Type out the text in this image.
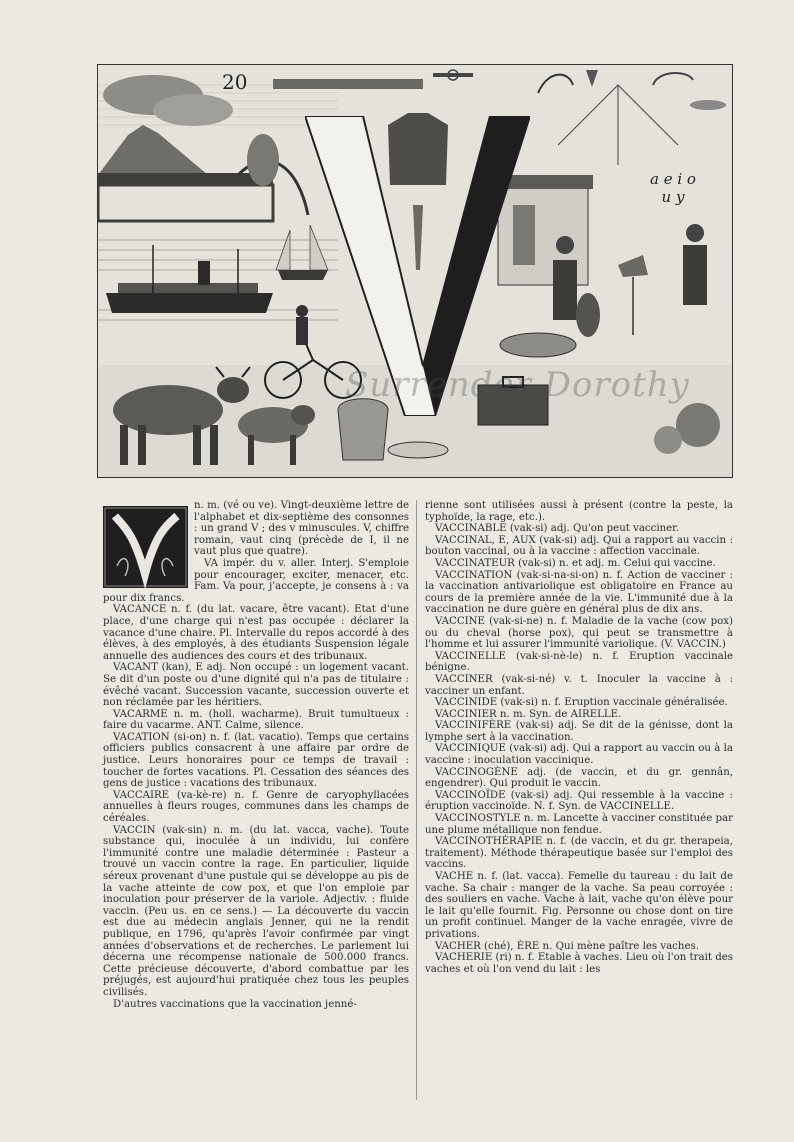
20
a e i o
u y
Surrender Dorothy

n. m. (vé ou ve). Vingt-deuxième lettre de l'alphabet et dix-septième des consonnes : un grand V ; des v minuscules. V, chiffre romain, vaut cinq (précède de I, il ne vaut plus que quatre).

VA impér. du v. aller. Interj. S'emploie pour encourager, exciter, menacer, etc. Fam. Va pour, j'accepte, je consens à : va pour dix francs.

VACANCE n. f. (du lat. vacare, être vacant). Etat d'une place, d'une charge qui n'est pas occupée : déclarer la vacance d'une chaire. Pl. Intervalle du repos accordé à des élèves, à des employés, à des étudiants Suspension légale annuelle des audiences des cours et des tribunaux.

VACANT (kan), E adj. Non occupé : un logement vacant. Se dit d'un poste ou d'une dignité qui n'a pas de titulaire : évêché vacant. Succession vacante, succession ouverte et non réclamée par les héritiers.

VACARME n. m. (holl. wacharme). Bruit tumultueux : faire du vacarme. ANT. Calme, silence.

VACATION (si-on) n. f. (lat. vacatio). Temps que certains officiers publics consacrent à une affaire par ordre de justice. Leurs honoraires pour ce temps de travail : toucher de fortes vacations. Pl. Cessation des séances des gens de justice : vacations des tribunaux.

VACCAIRE (va-kè-re) n. f. Genre de caryophyllacées annuelles à fleurs rouges, communes dans les champs de céréales.

VACCIN (vak-sin) n. m. (du lat. vacca, vache). Toute substance qui, inoculée à un individu, lui confère l'immunité contre une maladie déterminée : Pasteur a trouvé un vaccin contre la rage. En particulier, liquide séreux provenant d'une pustule qui se développe au pis de la vache atteinte de cow pox, et que l'on emploie par inoculation pour préserver de la variole. Adjectiv. : fluide vaccin. (Peu us. en ce sens.) — La découverte du vaccin est due au médecin anglais Jenner, qui ne la rendit publique, en 1796, qu'après l'avoir confirmée par vingt années d'observations et de recherches. Le parlement lui décerna une récompense nationale de 500.000 francs. Cette précieuse découverte, d'abord combattue par les préjugés, est aujourd'hui pratiquée chez tous les peuples civilisés.

D'autres vaccinations que la vaccination jenné-

rienne sont utilisées aussi à présent (contre la peste, la typhoïde, la rage, etc.).

VACCINABLE (vak-si) adj. Qu'on peut vacciner.

VACCINAL, E, AUX (vak-si) adj. Qui a rapport au vaccin : bouton vaccinal, ou à la vaccine : affection vaccinale.

VACCINATEUR (vak-si) n. et adj. m. Celui qui vaccine.

VACCINATION (vak-si-na-si-on) n. f. Action de vacciner : la vaccination antivariolique est obligatoire en France au cours de la première année de la vie. L'immunité due à la vaccination ne dure guère en général plus de dix ans.

VACCINE (vak-si-ne) n. f. Maladie de la vache (cow pox) ou du cheval (horse pox), qui peut se transmettre à l'homme et lui assurer l'immunité variolique. (V. VACCIN.)

VACCINELLE (vak-si-nè-le) n. f. Eruption vaccinale bénigne.

VACCINER (vak-si-né) v. t. Inoculer la vaccine à : vacciner un enfant.

VACCINIDE (vak-si) n. f. Eruption vaccinale généralisée.

VACCINIER n. m. Syn. de AIRELLE.

VACCINIFÈRE (vak-si) adj. Se dit de la génisse, dont la lymphe sert à la vaccination.

VACCINIQUE (vak-si) adj. Qui a rapport au vaccin ou à la vaccine : inoculation vaccinique.

VACCINOGÈNE adj. (de vaccin, et du gr. gennân, engendrer). Qui produit le vaccin.

VACCINOÏDE (vak-si) adj. Qui ressemble à la vaccine : éruption vaccinoïde. N. f. Syn. de VACCINELLE.

VACCINOSTYLE n. m. Lancette à vacciner constituée par une plume métallique non fendue.

VACCINOTHÉRAPIE n. f. (de vaccin, et du gr. therapeia, traitement). Méthode thérapeutique basée sur l'emploi des vaccins.

VACHE n. f. (lat. vacca). Femelle du taureau : du lait de vache. Sa chair : manger de la vache. Sa peau corroyée : des souliers en vache. Vache à lait, vache qu'on élève pour le lait qu'elle fournit. Fig. Personne ou chose dont on tire un profit continuel. Manger de la vache enragée, vivre de privations.

VACHER (ché), ÈRE n. Qui mène paître les vaches.

VACHERIE (ri) n. f. Etable à vaches. Lieu où l'on trait des vaches et où l'on vend du lait : les
